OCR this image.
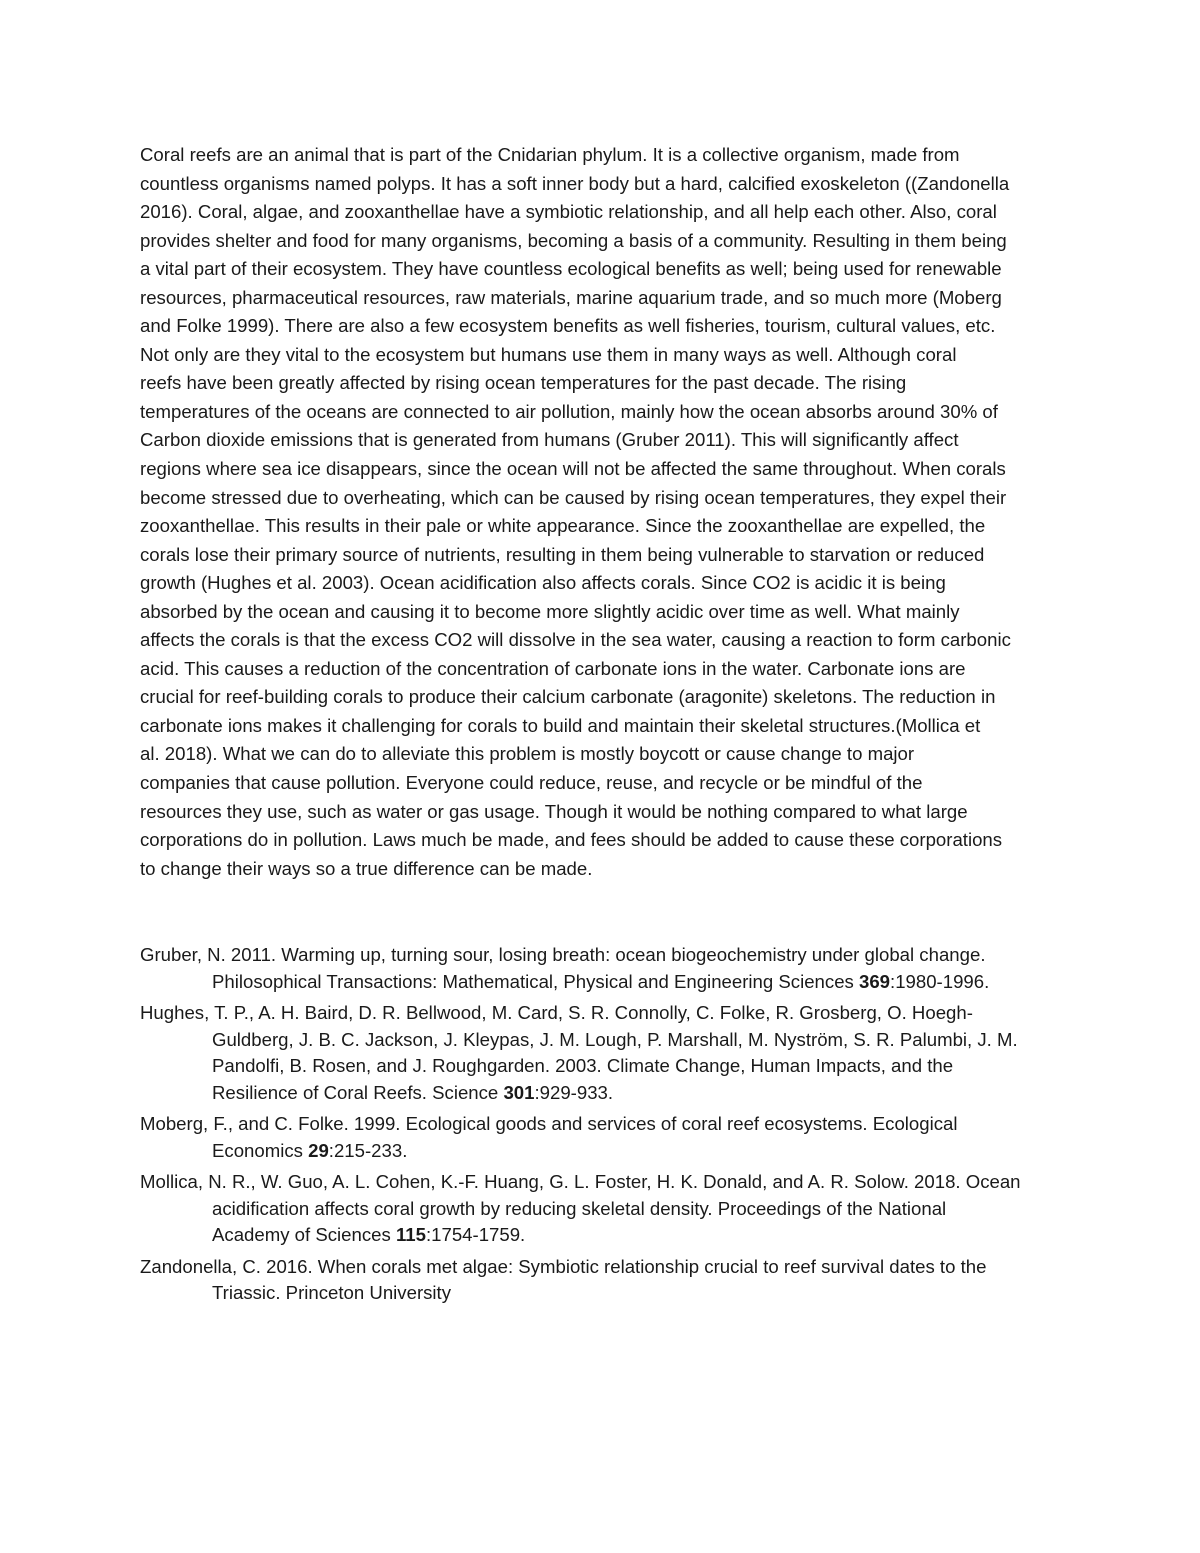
Coral reefs are an animal that is part of the Cnidarian phylum. It is a collective organism, made from
countless organisms named polyps. It has a soft inner body but a hard, calcified exoskeleton ((Zandonella
2016). Coral, algae, and zooxanthellae have a symbiotic relationship, and all help each other. Also, coral
provides shelter and food for many organisms, becoming a basis of a community. Resulting in them being
a vital part of their ecosystem. They have countless ecological benefits as well; being used for renewable
resources, pharmaceutical resources, raw materials, marine aquarium trade, and so much more (Moberg
and Folke 1999). There are also a few ecosystem benefits as well fisheries, tourism, cultural values, etc.
Not only are they vital to the ecosystem but humans use them in many ways as well. Although coral
reefs have been greatly affected by rising ocean temperatures for the past decade. The rising
temperatures of the oceans are connected to air pollution, mainly how the ocean absorbs around 30% of
Carbon dioxide emissions that is generated from humans (Gruber 2011). This will significantly affect
regions where sea ice disappears, since the ocean will not be affected the same throughout. When corals
become stressed due to overheating, which can be caused by rising ocean temperatures, they expel their
zooxanthellae. This results in their pale or white appearance. Since the zooxanthellae are expelled, the
corals lose their primary source of nutrients, resulting in them being vulnerable to starvation or reduced
growth (Hughes et al. 2003). Ocean acidification also affects corals. Since CO2 is acidic it is being
absorbed by the ocean and causing it to become more slightly acidic over time as well. What mainly
affects the corals is that the excess CO2 will dissolve in the sea water, causing a reaction to form carbonic
acid. This causes a reduction of the concentration of carbonate ions in the water. Carbonate ions are
crucial for reef-building corals to produce their calcium carbonate (aragonite) skeletons. The reduction in
carbonate ions makes it challenging for corals to build and maintain their skeletal structures.(Mollica et
al. 2018). What we can do to alleviate this problem is mostly boycott or cause change to major
companies that cause pollution. Everyone could reduce, reuse, and recycle or be mindful of the
resources they use, such as water or gas usage. Though it would be nothing compared to what large
corporations do in pollution. Laws much be made, and fees should be added to cause these corporations
to change their ways so a true difference can be made.
Gruber, N. 2011. Warming up, turning sour, losing breath: ocean biogeochemistry under global change.
Philosophical Transactions: Mathematical, Physical and Engineering Sciences 369:1980-1996.
Hughes, T. P., A. H. Baird, D. R. Bellwood, M. Card, S. R. Connolly, C. Folke, R. Grosberg, O. Hoegh-
Guldberg, J. B. C. Jackson, J. Kleypas, J. M. Lough, P. Marshall, M. Nyström, S. R. Palumbi, J. M.
Pandolfi, B. Rosen, and J. Roughgarden. 2003. Climate Change, Human Impacts, and the
Resilience of Coral Reefs. Science 301:929-933.
Moberg, F., and C. Folke. 1999. Ecological goods and services of coral reef ecosystems. Ecological
Economics 29:215-233.
Mollica, N. R., W. Guo, A. L. Cohen, K.-F. Huang, G. L. Foster, H. K. Donald, and A. R. Solow. 2018. Ocean
acidification affects coral growth by reducing skeletal density. Proceedings of the National
Academy of Sciences 115:1754-1759.
Zandonella, C. 2016. When corals met algae: Symbiotic relationship crucial to reef survival dates to the
Triassic. Princeton University
